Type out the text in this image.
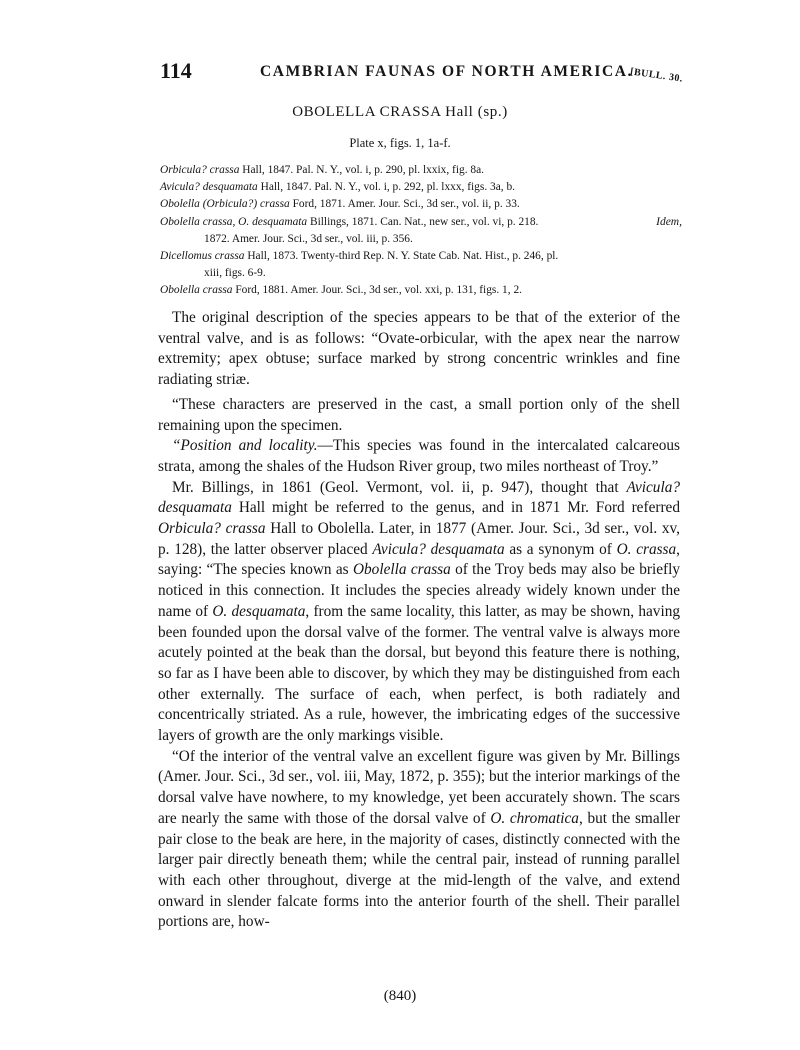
114	CAMBRIAN FAUNAS OF NORTH AMERICA.
[BULL. 30.
OBOLELLA CRASSA Hall (sp.)
Plate x, figs. 1, 1a-f.

Orbicula? crassa Hall, 1847. Pal. N. Y., vol. i, p. 290, pl. lxxix, fig. 8a.

Avicula? desquamata Hall, 1847. Pal. N. Y., vol. i, p. 292, pl. lxxx, figs. 3a, b.

Obolella (Orbicula?) crassa Ford, 1871. Amer. Jour. Sci., 3d ser., vol. ii, p. 33.

Obolella crassa, O. desquamata Billings, 1871. Can. Nat., new ser., vol. vi, p. 218.

1872. Amer. Jour. Sci., 3d ser., vol. iii, p. 356.

Dicellomus crassa Hall, 1873. Twenty-third Rep. N. Y. State Cab. Nat. Hist., p. 246, pl.

xiii, figs. 6-9.

Obolella crassa Ford, 1881. Amer. Jour. Sci., 3d ser., vol. xxi, p. 131, figs. 1, 2.

Idem,

The original description of the species appears to be that of the exterior of the ventral valve, and is as follows: “Ovate-orbicular, with the apex near the narrow extremity; apex obtuse; surface marked by strong concentric wrinkles and fine radiating striæ.

“These characters are preserved in the cast, a small portion only of the shell remaining upon the specimen.

“Position and locality.—This species was found in the intercalated calcareous strata, among the shales of the Hudson River group, two miles northeast of Troy.”

Mr. Billings, in 1861 (Geol. Vermont, vol. ii, p. 947), thought that Avicula? desquamata Hall might be referred to the genus, and in 1871 Mr. Ford referred Orbicula? crassa Hall to Obolella. Later, in 1877 (Amer. Jour. Sci., 3d ser., vol. xv, p. 128), the latter observer placed Avicula? desquamata as a synonym of O. crassa, saying: “The species known as Obolella crassa of the Troy beds may also be briefly noticed in this connection. It includes the species already widely known under the name of O. desquamata, from the same locality, this latter, as may be shown, having been founded upon the dorsal valve of the former. The ventral valve is always more acutely pointed at the beak than the dorsal, but beyond this feature there is nothing, so far as I have been able to discover, by which they may be distinguished from each other externally. The surface of each, when perfect, is both radiately and concentrically striated. As a rule, however, the imbricating edges of the successive layers of growth are the only markings visible.

“Of the interior of the ventral valve an excellent figure was given by Mr. Billings (Amer. Jour. Sci., 3d ser., vol. iii, May, 1872, p. 355); but the interior markings of the dorsal valve have nowhere, to my knowledge, yet been accurately shown. The scars are nearly the same with those of the dorsal valve of O. chromatica, but the smaller pair close to the beak are here, in the majority of cases, distinctly connected with the larger pair directly beneath them; while the central pair, instead of running parallel with each other throughout, diverge at the mid-length of the valve, and extend onward in slender falcate forms into the anterior fourth of the shell. Their parallel portions are, how-

(840)
